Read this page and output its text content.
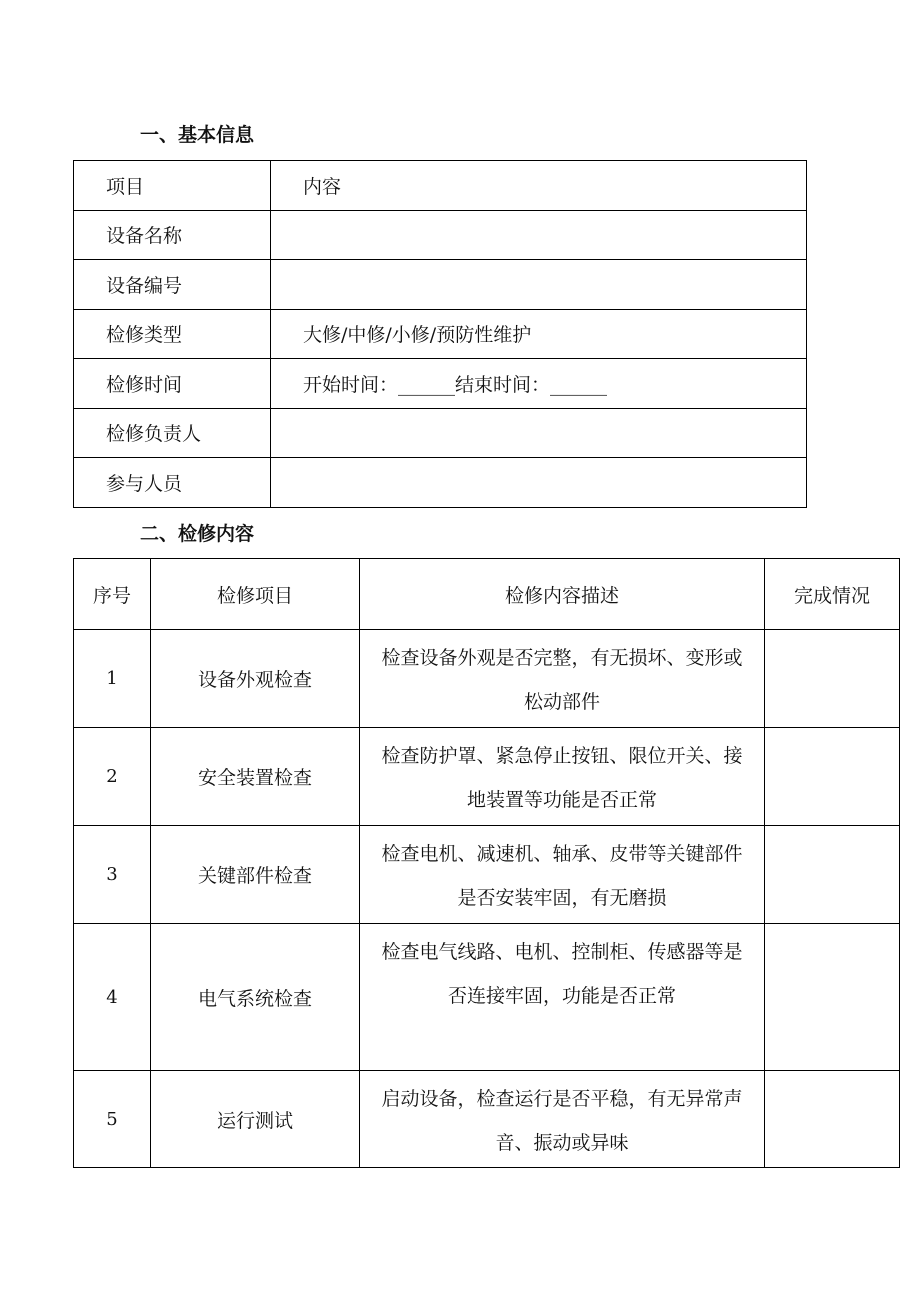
一、基本信息
项目	内容
设备名称	
设备编号	
检修类型	大修/中修/小修/预防性维护
检修时间	开始时间：______结束时间：______
检修负责人	
参与人员	
二、检修内容
序号	检修项目	检修内容描述	完成情况
1	设备外观检查	检查设备外观是否完整，有无损坏、变形或松动部件	
2	安全装置检查	检查防护罩、紧急停止按钮、限位开关、接地装置等功能是否正常	
3	关键部件检查	检查电机、减速机、轴承、皮带等关键部件是否安装牢固，有无磨损	
4	电气系统检查	检查电气线路、电机、控制柜、传感器等是否连接牢固，功能是否正常	
5	运行测试	启动设备，检查运行是否平稳，有无异常声音、振动或异味	
